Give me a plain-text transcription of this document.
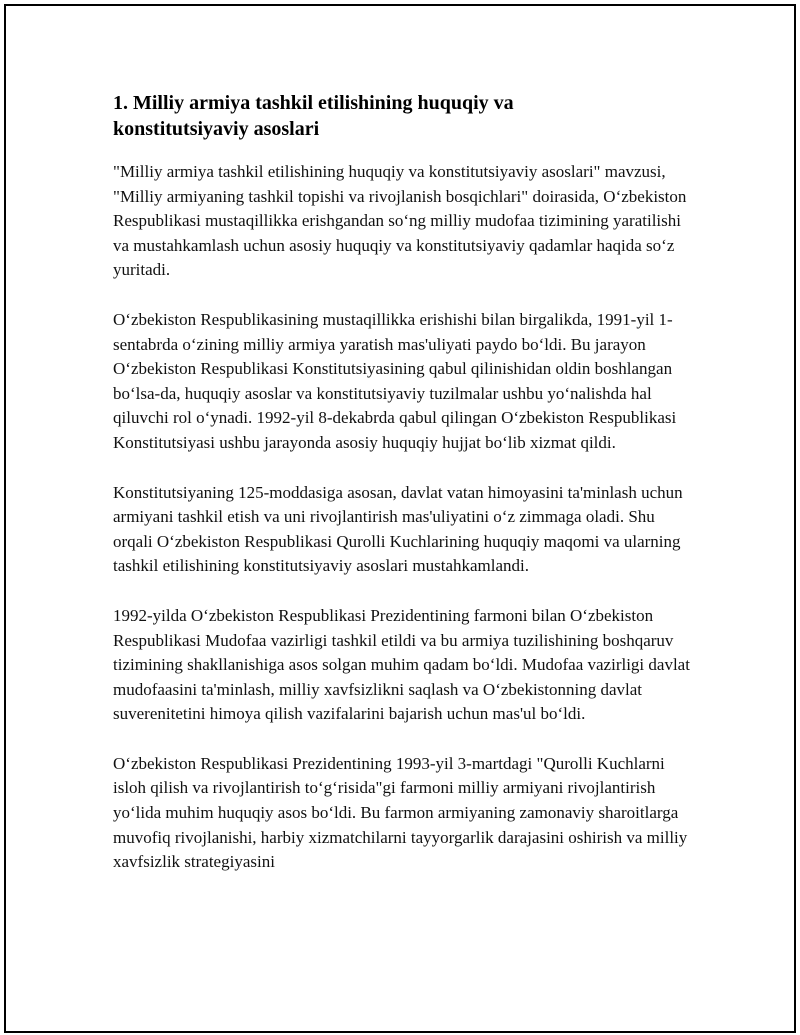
1. Milliy armiya tashkil etilishining huquqiy va
konstitutsiyaviy asoslari

"Milliy armiya tashkil etilishining huquqiy va konstitutsiyaviy asoslari" mavzusi, "Milliy armiyaning tashkil topishi va rivojlanish bosqichlari" doirasida, O‘zbekiston Respublikasi mustaqillikka erishgandan so‘ng milliy mudofaa tizimining yaratilishi va mustahkamlash uchun asosiy huquqiy va konstitutsiyaviy qadamlar haqida so‘z yuritadi.

O‘zbekiston Respublikasining mustaqillikka erishishi bilan birgalikda, 1991-yil 1-sentabrda o‘zining milliy armiya yaratish mas'uliyati paydo bo‘ldi. Bu jarayon O‘zbekiston Respublikasi Konstitutsiyasining qabul qilinishidan oldin boshlangan bo‘lsa-da, huquqiy asoslar va konstitutsiyaviy tuzilmalar ushbu yo‘nalishda hal qiluvchi rol o‘ynadi. 1992-yil 8-dekabrda qabul qilingan O‘zbekiston Respublikasi Konstitutsiyasi ushbu jarayonda asosiy huquqiy hujjat bo‘lib xizmat qildi.

Konstitutsiyaning 125-moddasiga asosan, davlat vatan himoyasini ta'minlash uchun armiyani tashkil etish va uni rivojlantirish mas'uliyatini o‘z zimmaga oladi. Shu orqali O‘zbekiston Respublikasi Qurolli Kuchlarining huquqiy maqomi va ularning tashkil etilishining konstitutsiyaviy asoslari mustahkamlandi.

1992-yilda O‘zbekiston Respublikasi Prezidentining farmoni bilan O‘zbekiston Respublikasi Mudofaa vazirligi tashkil etildi va bu armiya tuzilishining boshqaruv tizimining shakllanishiga asos solgan muhim qadam bo‘ldi. Mudofaa vazirligi davlat mudofaasini ta'minlash, milliy xavfsizlikni saqlash va O‘zbekistonning davlat suverenitetini himoya qilish vazifalarini bajarish uchun mas'ul bo‘ldi.

O‘zbekiston Respublikasi Prezidentining 1993-yil 3-martdagi "Qurolli Kuchlarni isloh qilish va rivojlantirish to‘g‘risida"gi farmoni milliy armiyani rivojlantirish yo‘lida muhim huquqiy asos bo‘ldi. Bu farmon armiyaning zamonaviy sharoitlarga muvofiq rivojlanishi, harbiy xizmatchilarni tayyorgarlik darajasini oshirish va milliy xavfsizlik strategiyasini
